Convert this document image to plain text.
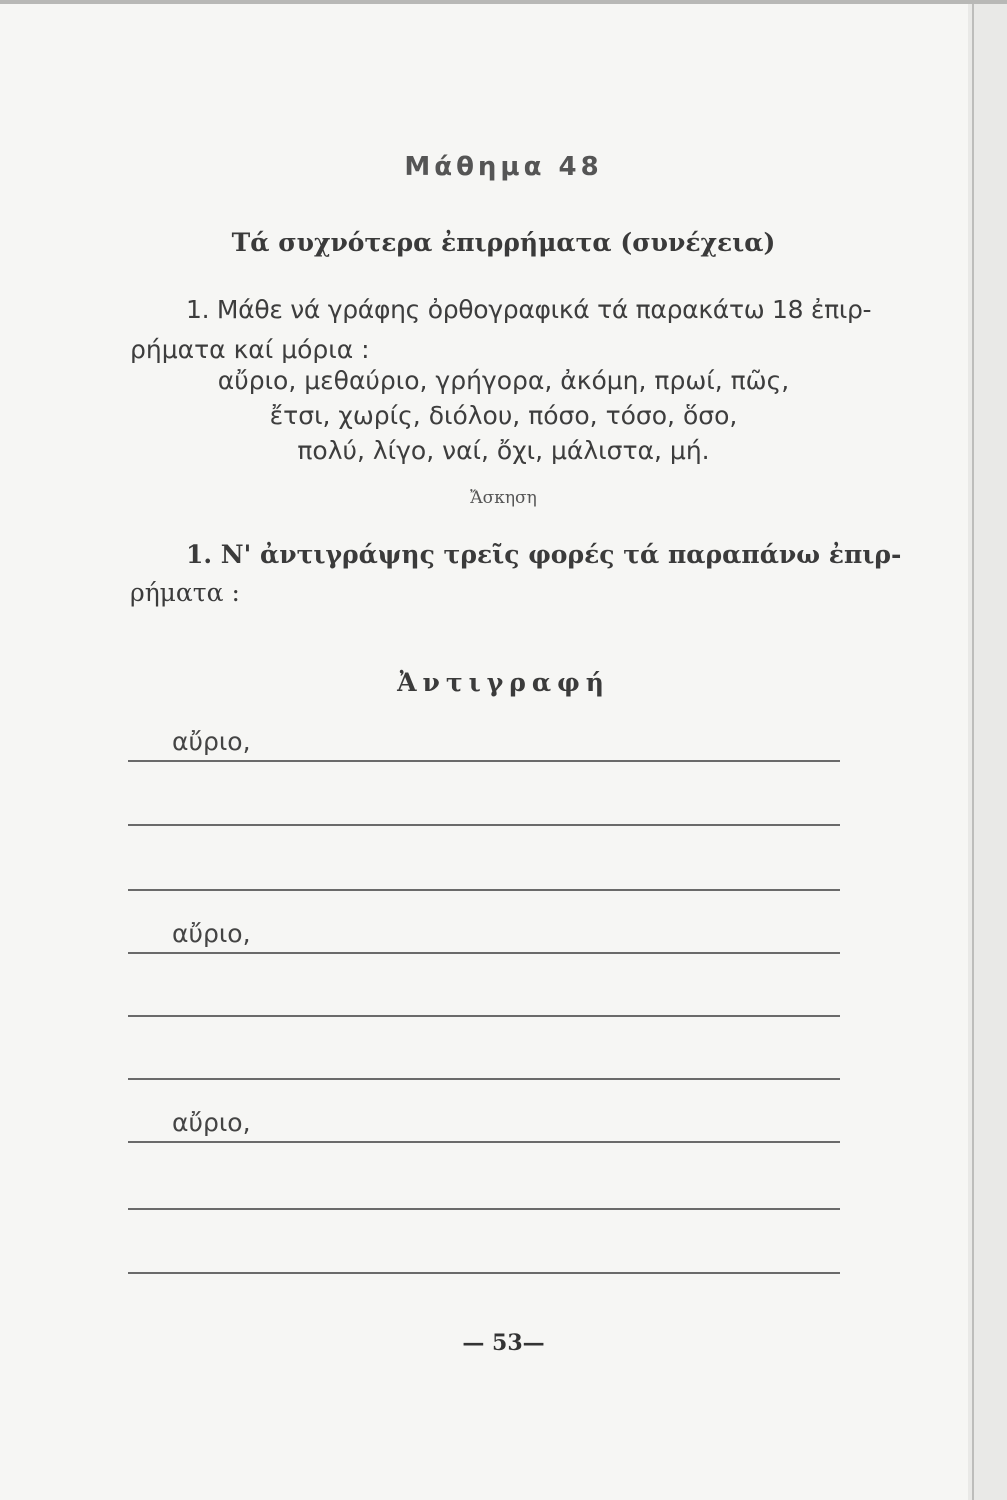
Μάθημα 48
Τά συχνότερα ἐπιρρήματα (συνέχεια)
1. Μάθε νά γράφης ὀρθογραφικά τά παρακάτω 18 ἐπιρ-
ρήματα καί μόρια :
αὔριο, μεθαύριο, γρήγορα, ἀκόμη, πρωί, πῶς,
ἔτσι, χωρίς, διόλου, πόσο, τόσο, ὅσο,
πολύ, λίγο, ναί, ὄχι, μάλιστα, μή.
Ἄσκηση
1. Ν' ἀντιγράψης τρεῖς φορές τά παραπάνω ἐπιρ-
ρήματα :
Ἀντιγραφή
αὔριο,
αὔριο,
αὔριο,
— 53—
